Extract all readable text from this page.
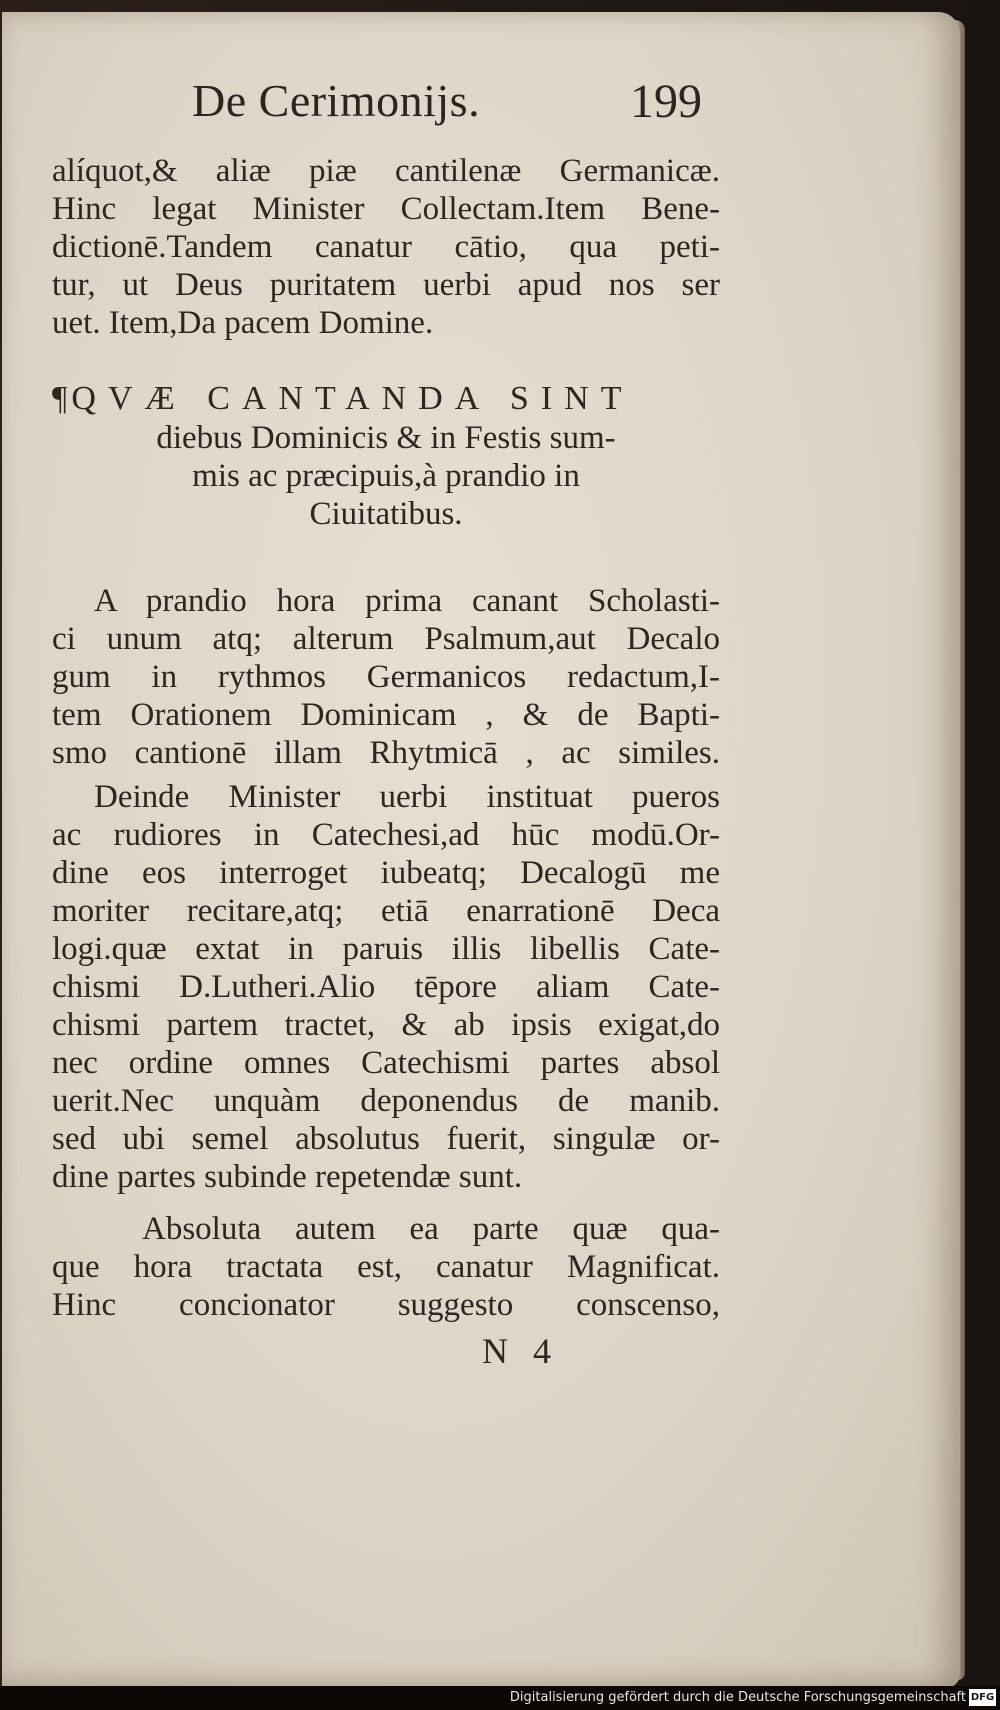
De Cerimonijs.	199
alíquot,& aliæ piæ cantilenæ Germanicæ.
Hinc legat Minister Collectam.Item Bene-
dictionē.Tandem canatur cātio, qua peti-
tur, ut Deus puritatem uerbi apud nos ser
uet. Item,Da pacem Domine.
¶ QVÆ CANTANDA SINT
diebus Dominicis & in Festis sum-
mis ac præcipuis,à prandio in
Ciuitatibus.
A prandio hora prima canant Scholasti-
ci unum atq; alterum Psalmum,aut Decalo
gum in rythmos Germanicos redactum,I-
tem Orationem Dominicam , & de Bapti-
smo cantionē illam Rhytmicā , ac similes.
Deinde Minister uerbi instituat pueros
ac rudiores in Catechesi,ad hūc modū.Or-
dine eos interroget iubeatq; Decalogū me
moriter recitare,atq; etiā enarrationē Deca
logi.quæ extat in paruis illis libellis Cate-
chismi D.Lutheri.Alio tēpore aliam Cate-
chismi partem tractet, & ab ipsis exigat,do
nec ordine omnes Catechismi partes absol
uerit.Nec unquàm deponendus de manib.
sed ubi semel absolutus fuerit, singulæ or-
dine partes subinde repetendæ sunt.
Absoluta autem ea parte quæ qua-
que hora tractata est, canatur Magnificat.
Hinc concionator suggesto conscenso,
N 4
Digitalisierung gefördert durch die Deutsche Forschungsgemeinschaft DFG
